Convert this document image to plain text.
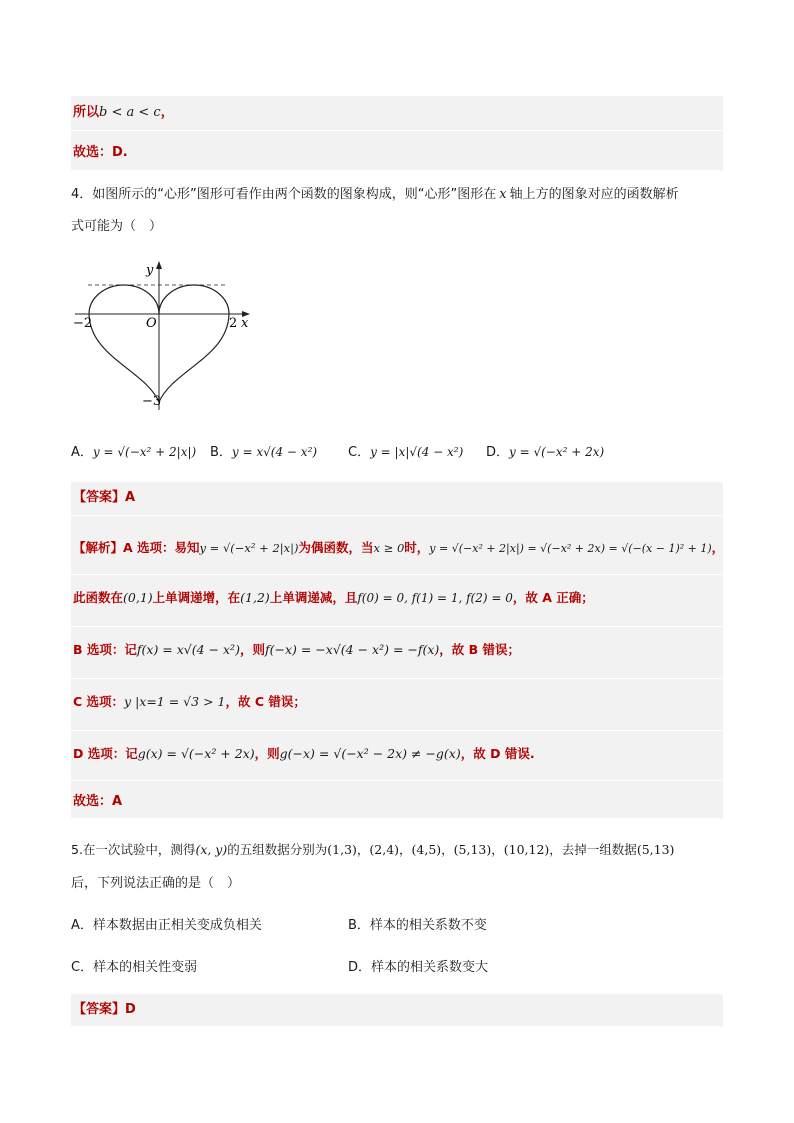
所以b < a < c，
故选：D.
4．如图所示的“心形”图形可看作由两个函数的图象构成，则“心形”图形在 x 轴上方的图象对应的函数解析
式可能为（　）
y
x
O
−2	2
−3
A．y = √(−x² + 2|x|) B．y = x√(4 − x²) C．y = |x|√(4 − x²) D．y = √(−x² + 2x)
【答案】A
【解析】A 选项：易知y = √(−x² + 2|x|)为偶函数，当x ≥ 0时，y = √(−x² + 2|x|) = √(−x² + 2x) = √(−(x − 1)² + 1)，
此函数在(0,1)上单调递增，在(1,2)上单调递减，且f(0) = 0, f(1) = 1, f(2) = 0，故 A 正确；
B 选项：记f(x) = x√(4 − x²)，则f(−x) = −x√(4 − x²) = −f(x)，故 B 错误；
C 选项：y |x=1 = √3 > 1，故 C 错误；
D 选项：记g(x) = √(−x² + 2x)，则g(−x) = √(−x² − 2x) ≠ −g(x)，故 D 错误.
故选：A
5.在一次试验中，测得(x, y)的五组数据分别为(1,3)，(2,4)，(4,5)，(5,13)，(10,12)，去掉一组数据(5,13)
后，下列说法正确的是（　）
A．样本数据由正相关变成负相关	B．样本的相关系数不变
C．样本的相关性变弱	D．样本的相关系数变大
【答案】D
